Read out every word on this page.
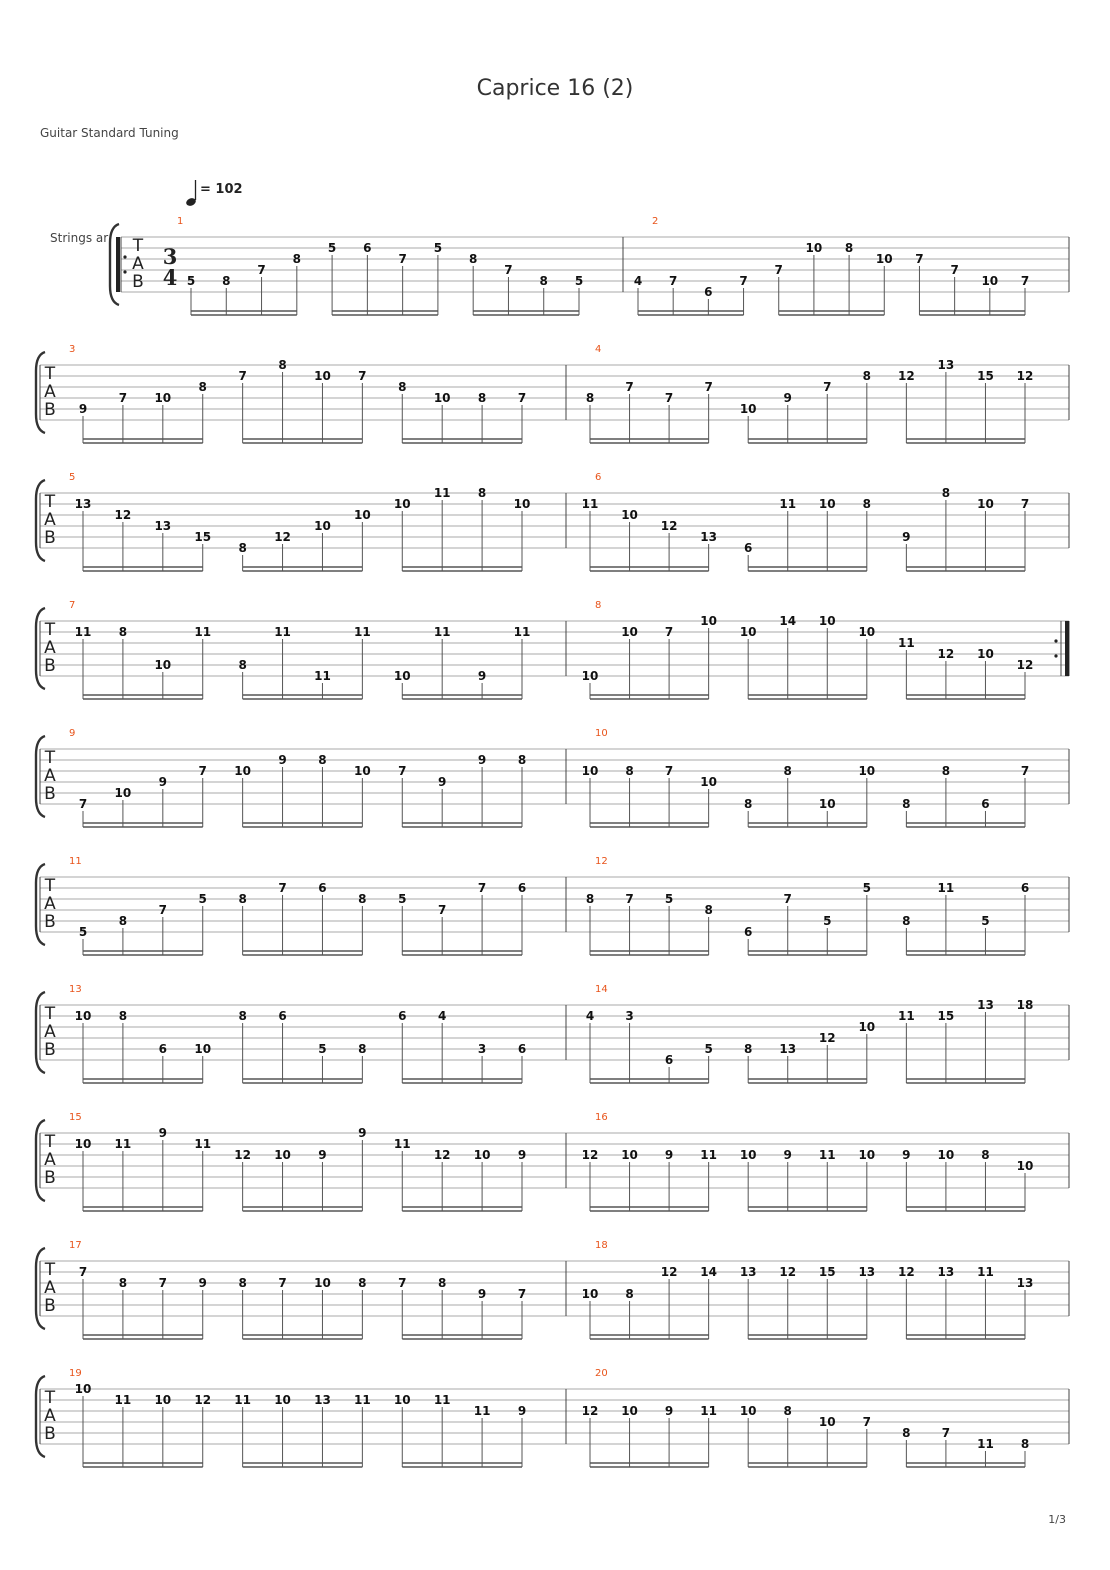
Caprice 16 (2)
Guitar Standard Tuning
= 102
Strings ar T
A
B
3
4
1
5 8
7
8
5 6
7
5
8
7
8 5
2
4 7
6
7
7
10 8
10 7
7
10 7
T
A
B
3
9
7 10
8
7
8
10 7
8
10 8	7
4
8
7
7
7
10
9
7
8 12
13
15 12
T
A
B
5
13
12
13
15
8
12
10
10
10
11 8
10
6
11
10
12
13
6
11 10 8
9
8
10 7
T
A
B
7
11 8
10
11
8
11
11
11
10
11
9
11
8
10
10 7
10
10
14 10
10
11
12 10
12
T
A
B
9
7
10
9
7 10
9	8
10 7
9
9	8
10
10 8	7
10
8
8
10
10
8
8
6
7
T
A
B
11
5
8
7
5	8
7	6
8	5
7
7	6
12
8	7	5
8
6
7
5
5
8
11
5
6
T
A
B
13
10 8
6 10
8	6
5	8
6	4
3	6
14
4	3
6
5	8 13
12
10
11 15
13 18
T
A
B
15
10 11
9
11
12 10 9
9
11
12 10 9
16
12 10 9 11 10 9 11 10 9 10 8
10
T
A
B
17
7
8	7	9	8	7 10 8	7	8
9	7
18
10 8
12 14 13 12 15 13 12 13 11
13
T
A
B
19
10
11 10 12 11 10 13 11 10 11
11 9
20
12 10 9 11 10 8
10 7
8	7
11 8
1/3
